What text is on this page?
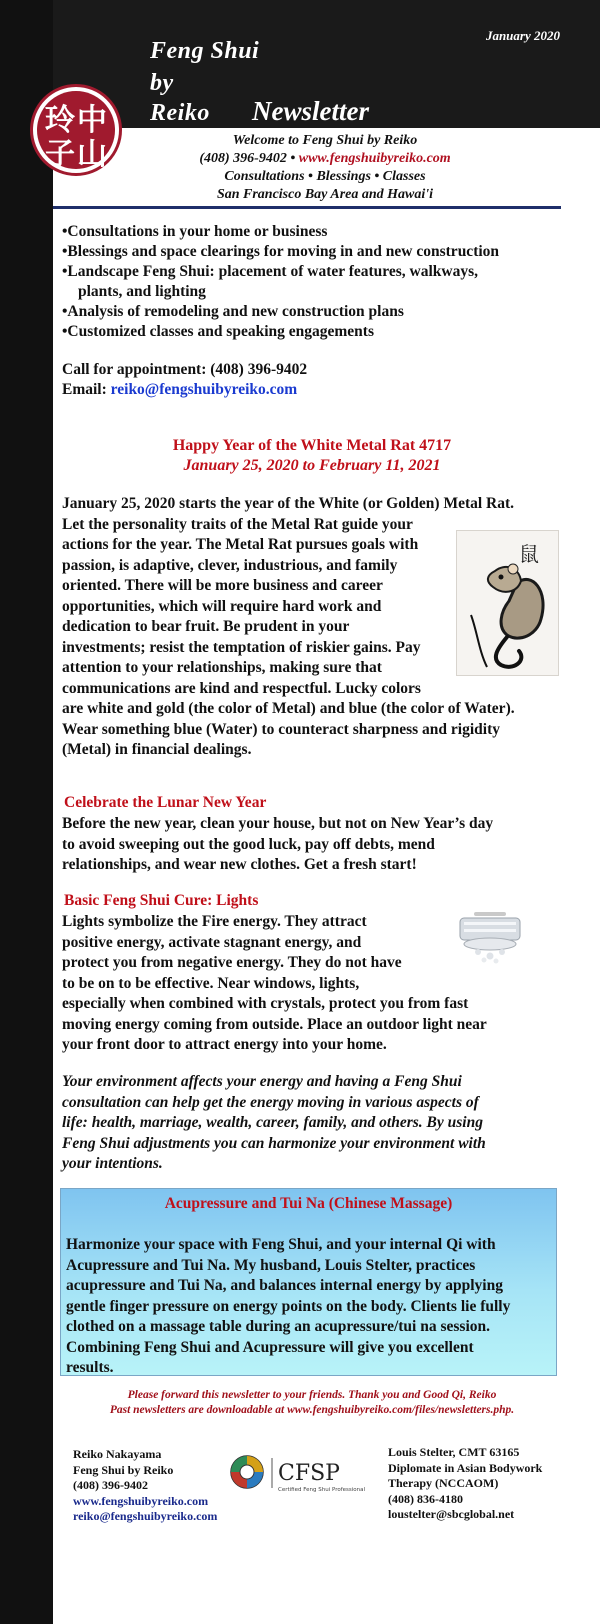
January 2020
Feng Shui
by
Reiko Newsletter
玲 中
子 山	Welcome to Feng Shui by Reiko
(408) 396-9402 • www.fengshuibyreiko.com
Consultations • Blessings • Classes
San Francisco Bay Area and Hawai'i
•Consultations in your home or business
•Blessings and space clearings for moving in and new construction
•Landscape Feng Shui: placement of water features, walkways,
plants, and lighting
•Analysis of remodeling and new construction plans
•Customized classes and speaking engagements
Call for appointment: (408) 396-9402
Email: reiko@fengshuibyreiko.com
Happy Year of the White Metal Rat 4717
January 25, 2020 to February 11, 2021
January 25, 2020 starts the year of the White (or Golden) Metal Rat.
Let the personality traits of the Metal Rat guide your
actions for the year. The Metal Rat pursues goals with
passion, is adaptive, clever, industrious, and family
oriented. There will be more business and career
opportunities, which will require hard work and
dedication to bear fruit. Be prudent in your
investments; resist the temptation of riskier gains. Pay
attention to your relationships, making sure that
communications are kind and respectful. Lucky colors
are white and gold (the color of Metal) and blue (the color of Water).
Wear something blue (Water) to counteract sharpness and rigidity
(Metal) in financial dealings.
鼠
Celebrate the Lunar New Year
Before the new year, clean your house, but not on New Year’s day
to avoid sweeping out the good luck, pay off debts, mend
relationships, and wear new clothes. Get a fresh start!
Basic Feng Shui Cure: Lights
Lights symbolize the Fire energy. They attract
positive energy, activate stagnant energy, and
protect you from negative energy. They do not have
to be on to be effective. Near windows, lights,
especially when combined with crystals, protect you from fast
moving energy coming from outside. Place an outdoor light near
your front door to attract energy into your home.
Your environment affects your energy and having a Feng Shui
consultation can help get the energy moving in various aspects of
life: health, marriage, wealth, career, family, and others. By using
Feng Shui adjustments you can harmonize your environment with
your intentions.
Acupressure and Tui Na (Chinese Massage)
Harmonize your space with Feng Shui, and your internal Qi with
Acupressure and Tui Na. My husband, Louis Stelter, practices
acupressure and Tui Na, and balances internal energy by applying
gentle finger pressure on energy points on the body. Clients lie fully
clothed on a massage table during an acupressure/tui na session.
Combining Feng Shui and Acupressure will give you excellent
results.
Please forward this newsletter to your friends. Thank you and Good Qi, Reiko
Past newsletters are downloadable at www.fengshuibyreiko.com/files/newsletters.php.
Reiko Nakayama
Feng Shui by Reiko
(408) 396-9402
www.fengshuibyreiko.com
reiko@fengshuibyreiko.com
CFSP
Certified Feng Shui Professional
Louis Stelter, CMT 63165
Diplomate in Asian Bodywork
Therapy (NCCAOM)
(408) 836-4180
loustelter@sbcglobal.net
